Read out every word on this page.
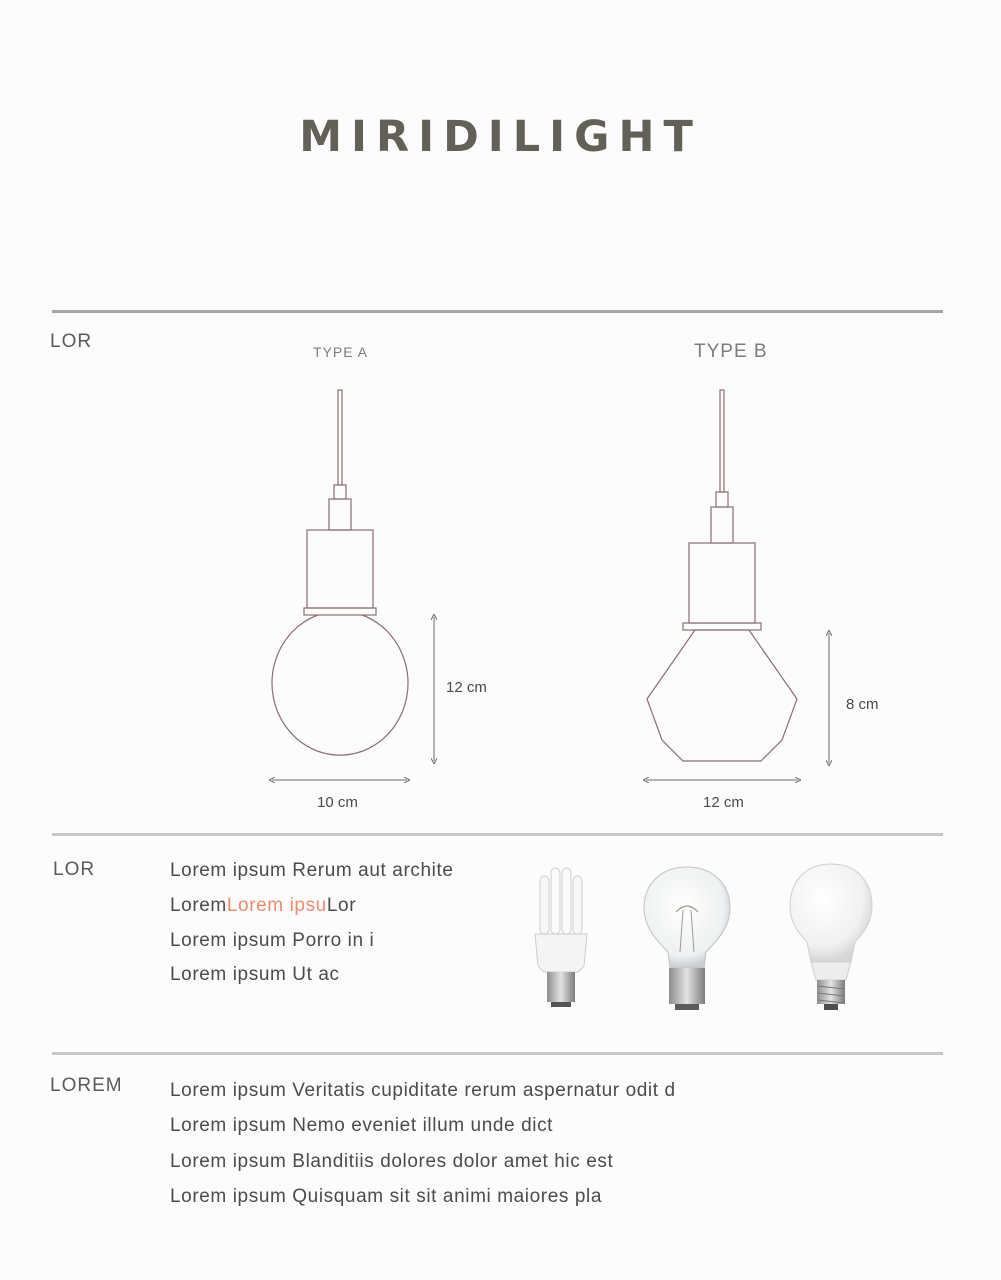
MIRIDILIGHT
LOR	TYPE A	TYPE B
12 cm
10 cm
8 cm
12 cm
LOR	Lorem ipsum Rerum aut archite
LoremLorem ipsuLor
Lorem ipsum Porro in i
Lorem ipsum Ut ac
LOREM Lorem ipsum Veritatis cupiditate rerum aspernatur odit d
Lorem ipsum Nemo eveniet illum unde dict
Lorem ipsum Blanditiis dolores dolor amet hic est
Lorem ipsum Quisquam sit sit animi maiores pla
